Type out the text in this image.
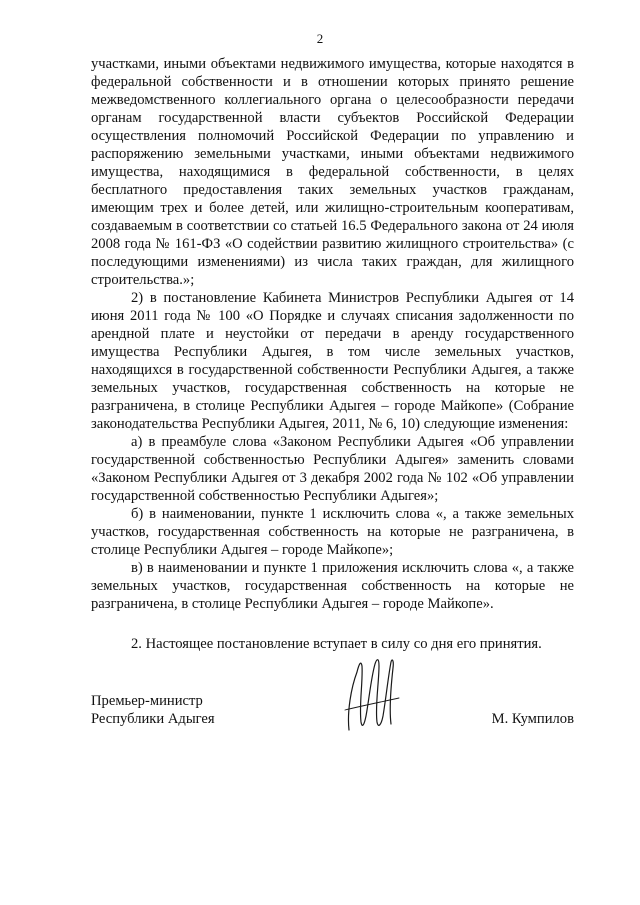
2

участками, иными объектами недвижимого имущества, которые находятся в федеральной собственности и в отношении которых принято решение межведомственного коллегиального органа о целесообразности передачи органам государственной власти субъектов Российской Федерации осуществления полномочий Российской Федерации по управлению и распоряжению земельными участками, иными объектами недвижимого имущества, находящимися в федеральной собственности, в целях бесплатного предоставления таких земельных участков гражданам, имеющим трех и более детей, или жилищно-строительным кооперативам, создаваемым в соответствии со статьей 16.5 Федерального закона от 24 июля 2008 года № 161-ФЗ «О содействии развитию жилищного строительства» (с последующими изменениями) из числа таких граждан, для жилищного строительства.»;

2) в постановление Кабинета Министров Республики Адыгея от 14 июня 2011 года № 100 «О Порядке и случаях списания задолженности по арендной плате и неустойки от передачи в аренду государственного имущества Республики Адыгея, в том числе земельных участков, находящихся в государственной собственности Республики Адыгея, а также земельных участков, государственная собственность на которые не разграничена, в столице Республики Адыгея – городе Майкопе» (Собрание законодательства Республики Адыгея, 2011, № 6, 10) следующие изменения:

а) в преамбуле слова «Законом Республики Адыгея «Об управлении государственной собственностью Республики Адыгея» заменить словами «Законом Республики Адыгея от 3 декабря 2002 года № 102 «Об управлении государственной собственностью Республики Адыгея»;

б) в наименовании, пункте 1 исключить слова «, а также земельных участков, государственная собственность на которые не разграничена, в столице Республики Адыгея – городе Майкопе»;

в) в наименовании и пункте 1 приложения исключить слова «, а также земельных участков, государственная собственность на которые не разграничена, в столице Республики Адыгея – городе Майкопе».

2. Настоящее постановление вступает в силу со дня его принятия.

Премьер-министр
Республики Адыгея	М. Кумпилов
